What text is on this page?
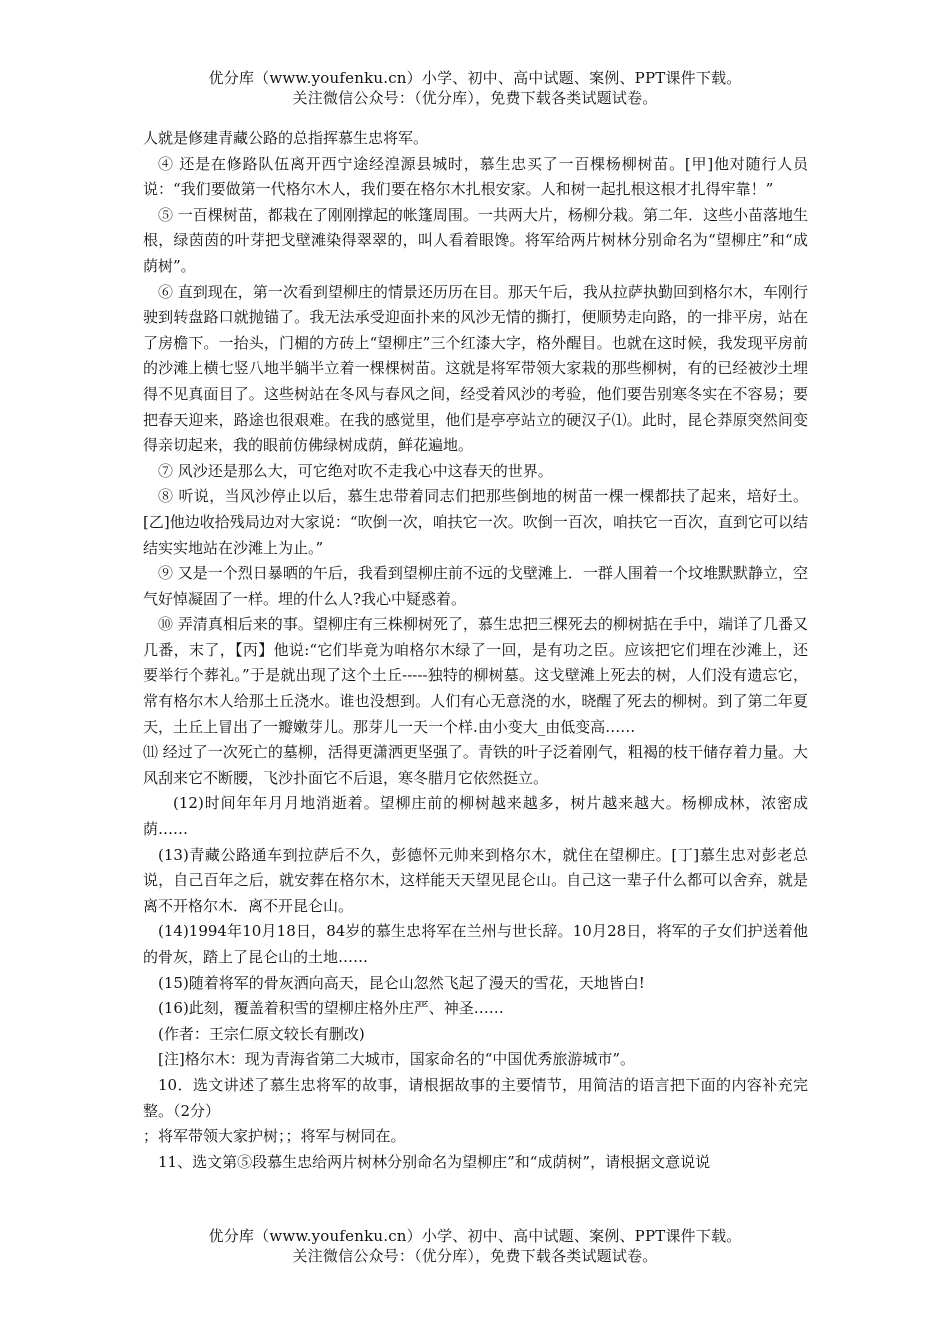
优分库（www.youfenku.cn）小学、初中、高中试题、案例、PPT课件下载。
关注微信公众号：（优分库），免费下载各类试题试卷。

人就是修建青藏公路的总指挥慕生忠将军。

④ 还是在修路队伍离开西宁途经湟源县城时，慕生忠买了一百棵杨柳树苗。[甲]他对随行人员说：“我们要做第一代格尔木人，我们要在格尔木扎根安家。人和树一起扎根这根才扎得牢靠！”

⑤ 一百棵树苗，都栽在了刚刚撑起的帐篷周围。一共两大片，杨柳分栽。第二年．这些小苗落地生根，绿茵茵的叶芽把戈壁滩染得翠翠的，叫人看着眼馋。将军给两片树林分别命名为“望柳庄”和“成荫树”。

⑥ 直到现在，第一次看到望柳庄的情景还历历在目。那天午后，我从拉萨执勤回到格尔木，车刚行驶到转盘路口就抛锚了。我无法承受迎面扑来的风沙无情的撕打，便顺势走向路，的一排平房，站在了房檐下。一抬头，门楣的方砖上“望柳庄”三个红漆大字，格外醒目。也就在这时候，我发现平房前的沙滩上横七竖八地半躺半立着一棵棵树苗。这就是将军带领大家栽的那些柳树，有的已经被沙土埋得不见真面目了。这些树站在冬风与春风之间，经受着风沙的考验，他们要告别寒冬实在不容易；要把春天迎来，路途也很艰难。在我的感觉里，他们是亭亭站立的硬汉子⑴。此时，昆仑莽原突然间变得亲切起来，我的眼前仿佛绿树成荫，鲜花遍地。

⑦ 风沙还是那么大，可它绝对吹不走我心中这春天的世界。

⑧ 听说，当风沙停止以后，慕生忠带着同志们把那些倒地的树苗一棵一棵都扶了起来，培好土。[乙]他边收拾残局边对大家说：“吹倒一次，咱扶它一次。吹倒一百次，咱扶它一百次，直到它可以结结实实地站在沙滩上为止。”

⑨ 又是一个烈日暴晒的午后，我看到望柳庄前不远的戈壁滩上．一群人围着一个坟堆默默静立，空气好悼凝固了一样。埋的什么人?我心中疑惑着。

⑩ 弄清真相后来的事。望柳庄有三株柳树死了，慕生忠把三棵死去的柳树掂在手中，端详了几番又几番，末了，【丙】他说:“它们毕竟为咱格尔木绿了一回，是有功之臣。应该把它们埋在沙滩上，还要举行个葬礼。”于是就出现了这个土丘-----独特的柳树墓。这戈壁滩上死去的树，人们没有遗忘它，常有格尔木人给那土丘浇水。谁也没想到。人们有心无意浇的水，晓醒了死去的柳树。到了第二年夏天，土丘上冒出了一瓣嫩芽儿。那芽儿一天一个样.由小变大_由低变高……

⑾ 经过了一次死亡的墓柳，活得更潇洒更坚强了。青铁的叶子泛着刚气，粗褐的枝干储存着力量。大风刮来它不断腰，飞沙扑面它不后退，寒冬腊月它依然挺立。

(12)时间年年月月地消逝着。望柳庄前的柳树越来越多，树片越来越大。杨柳成林，浓密成荫……

(13)青藏公路通车到拉萨后不久，彭德怀元帅来到格尔木，就住在望柳庄。[丁]慕生忠对彭老总说，自己百年之后，就安葬在格尔木，这样能天天望见昆仑山。自己这一辈子什么都可以舍弃，就是离不开格尔木．离不开昆仑山。

(14)1994年10月18日，84岁的慕生忠将军在兰州与世长辞。10月28日，将军的子女们护送着他的骨灰，踏上了昆仑山的土地……

(15)随着将军的骨灰洒向高天，昆仑山忽然飞起了漫天的雪花，天地皆白!

(16)此刻，覆盖着积雪的望柳庄格外庄严、神圣……

(作者：王宗仁原文较长有删改)

[注]格尔木：现为青海省第二大城市，国家命名的“中国优秀旅游城市”。

10．选文讲述了慕生忠将军的故事，请根据故事的主要情节，用简洁的语言把下面的内容补充完整。（2分）

；将军带领大家护树；；将军与树同在。

11、选文第⑤段慕生忠给两片树林分别命名为望柳庄”和“成荫树”，请根据文意说说

优分库（www.youfenku.cn）小学、初中、高中试题、案例、PPT课件下载。
关注微信公众号：（优分库），免费下载各类试题试卷。
